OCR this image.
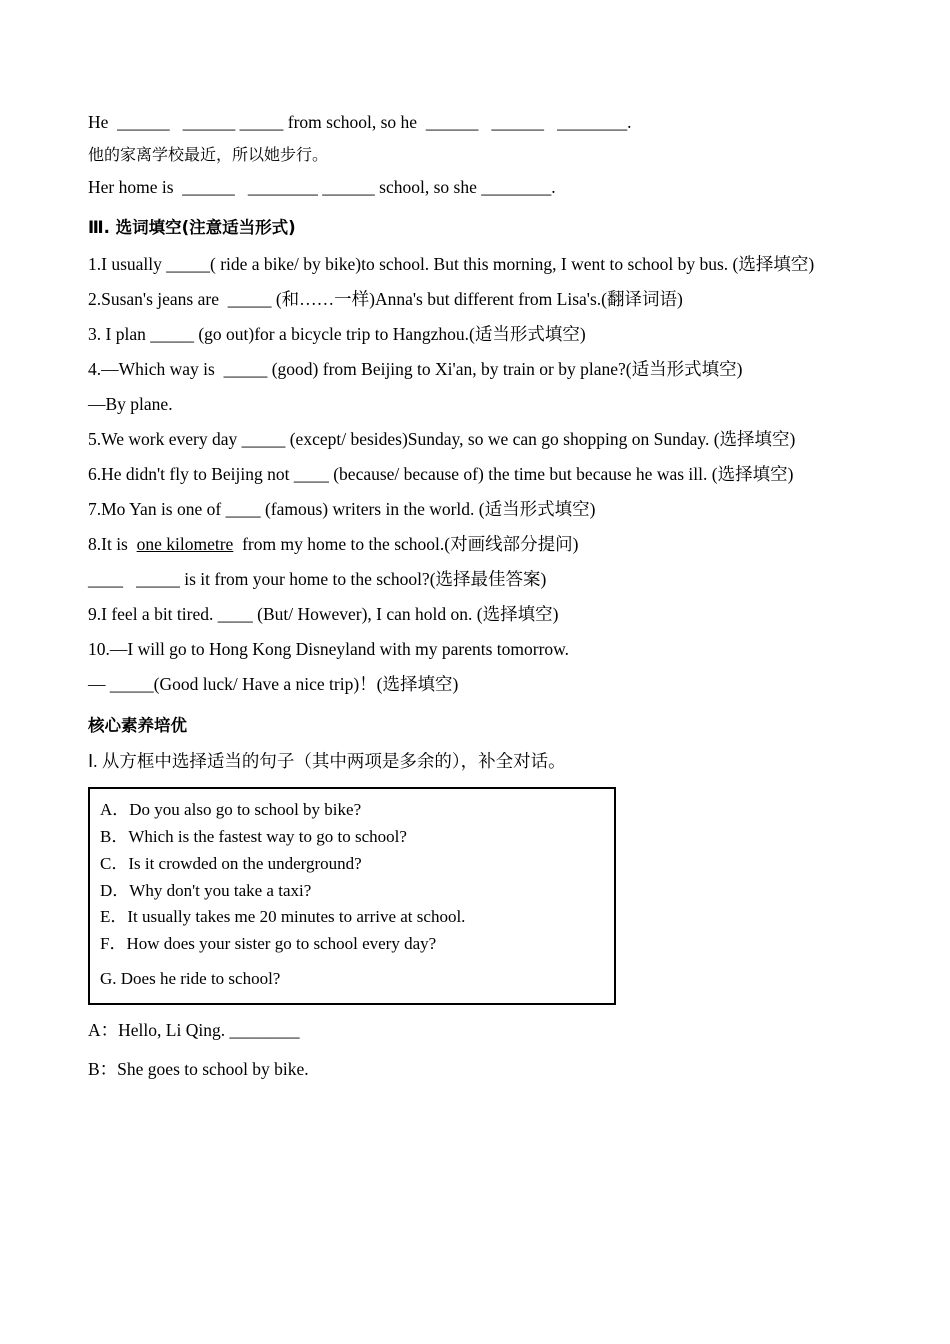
He  ______   ______ _____ from school, so he  ______   ______   ________.
他的家离学校最近，所以她步行。
Her home is  ______   ________ ______ school, so she ________.
Ⅲ. 选词填空(注意适当形式)
1.I usually _____( ride a bike/ by bike)to school. But this morning, I went to school by bus. (选择填空)
2.Susan's jeans are  _____ (和……一样)Anna's but different from Lisa's.(翻译词语)
3. I plan _____ (go out)for a bicycle trip to Hangzhou.(适当形式填空)
4.—Which way is  _____ (good) from Beijing to Xi'an, by train or by plane?(适当形式填空)
—By plane.
5.We work every day _____ (except/ besides)Sunday, so we can go shopping on Sunday. (选择填空)
6.He didn't fly to Beijing not ____ (because/ because of) the time but because he was ill. (选择填空)
7.Mo Yan is one of ____ (famous) writers in the world. (适当形式填空)
8.It is one kilometre from my home to the school.(对画线部分提问)
____   _____ is it from your home to the school?(选择最佳答案)
9.I feel a bit tired. ____ (But/ However), I can hold on. (选择填空)
10.—I will go to Hong Kong Disneyland with my parents tomorrow.
— _____(Good luck/ Have a nice trip)！(选择填空)
核心素养培优
Ⅰ. 从方框中选择适当的句子（其中两项是多余的），补全对话。
A．Do you also go to school by bike?
B．Which is the fastest way to go to school?
C．Is it crowded on the underground?
D．Why don't you take a taxi?
E．It usually takes me 20 minutes to arrive at school.
F．How does your sister go to school every day?
G. Does he ride to school?
A：Hello, Li Qing. ________
B：She goes to school by bike.
